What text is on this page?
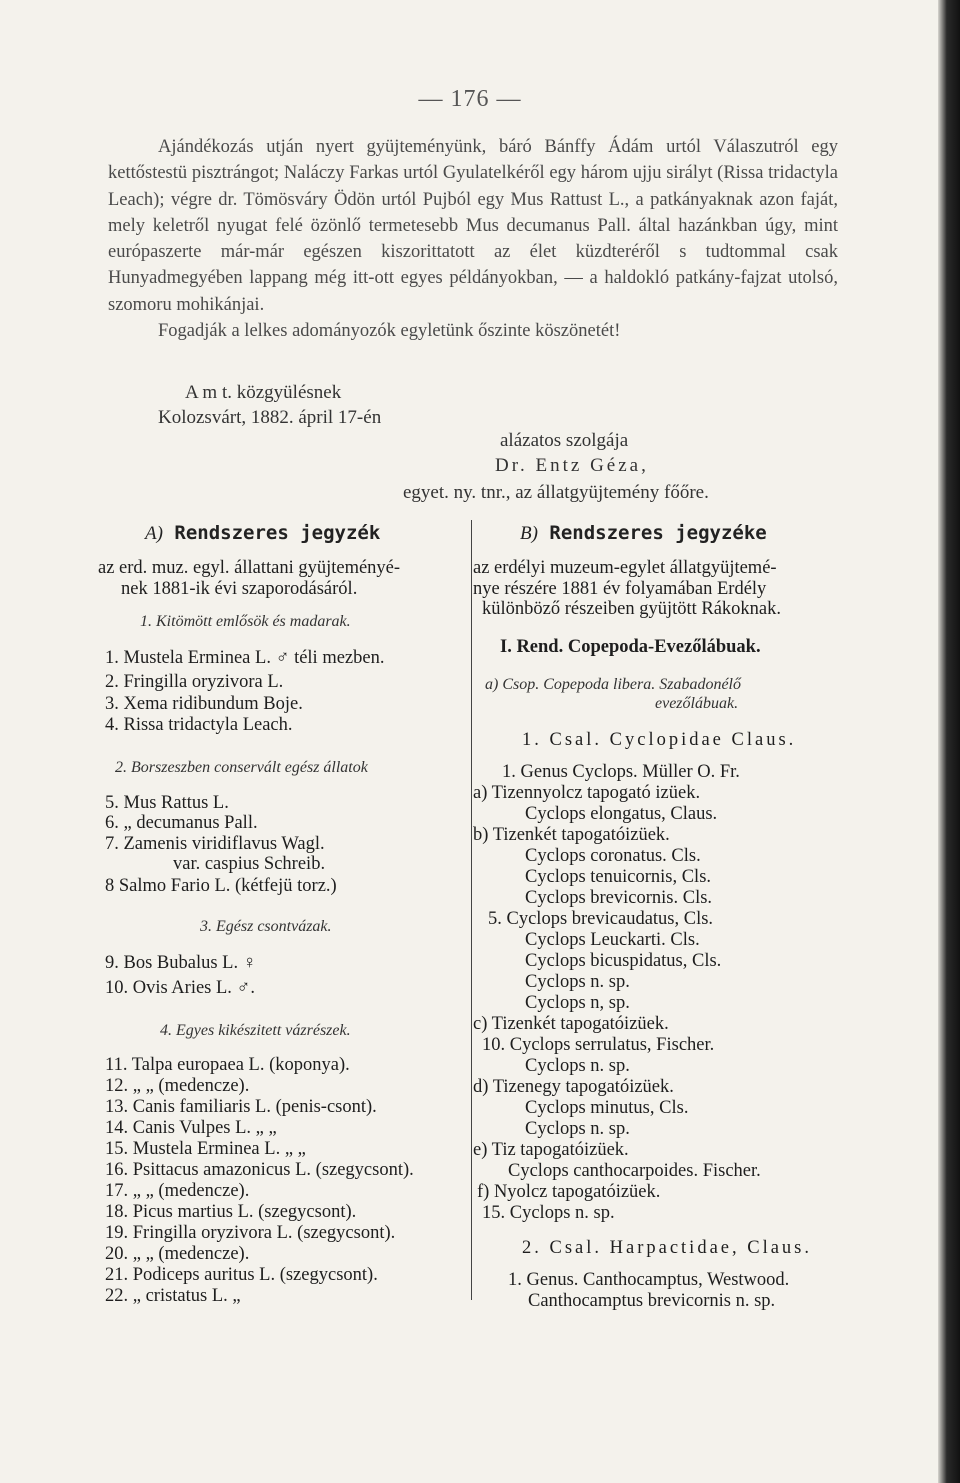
— 176 —

Ajándékozás utján nyert gyüjteményünk, báró Bánffy Ádám urtól Válaszutról egy kettőstestü pisztrángot; Naláczy Farkas urtól Gyulatelkéről egy három ujju sirályt (Rissa tridactyla Leach); végre dr. Tömösváry Ödön urtól Pujból egy Mus Rattust L., a patkányaknak azon faját, mely keletről nyugat felé özönlő termetesebb Mus decumanus Pall. által hazánkban úgy, mint európaszerte már-már egészen kiszorittatott az élet küzdteréről s tudtommal csak Hunyadmegyében lappang még itt-ott egyes példányokban, — a haldokló patkány-fajzat utolsó, szomoru mohikánjai.

Fogadják a lelkes adományozók egyletünk őszinte köszönetét!

A m t. közgyülésnek
Kolozsvárt, 1882. ápril 17-én
alázatos szolgája
Dr. Entz Géza,
egyet. ny. tnr., az állatgyüjtemény főőre.
A) Rendszeres jegyzék	B) Rendszeres jegyzéke
az erd. muz. egyl. állattani gyüjteményé-
nek 1881-ik évi szaporodásáról.
1. Kitömött emlősök és madarak.
1. Mustela Erminea L. ♂ téli mezben.
2. Fringilla oryzivora L.
3. Xema ridibundum Boje.
4. Rissa tridactyla Leach.
2. Borszeszben conservált egész állatok
5. Mus Rattus L.
6. „ decumanus Pall.
7. Zamenis viridiflavus Wagl.
var. caspius Schreib.
8 Salmo Fario L. (kétfejü torz.)
3. Egész csontvázak.
9. Bos Bubalus L. ♀
10. Ovis Aries L. ♂.
4. Egyes kikészitett vázrészek.
11. Talpa europaea L. (koponya).
12. „ „ (medencze).
13. Canis familiaris L. (penis-csont).
14. Canis Vulpes L. „ „
15. Mustela Erminea L. „ „
16. Psittacus amazonicus L. (szegycsont).
17. „ „ (medencze).
18. Picus martius L. (szegycsont).
19. Fringilla oryzivora L. (szegycsont).
20. „ „ (medencze).
21. Podiceps auritus L. (szegycsont).
22. „ cristatus L. „
az erdélyi muzeum-egylet állatgyüjtemé-
nye részére 1881 év folyamában Erdély
különböző részeiben gyüjtött Rákoknak.
I. Rend. Copepoda-Evezőlábuak.
a) Csop. Copepoda libera. Szabadonélő
evezőlábuak.
1. Csal. Cyclopidae Claus.
1. Genus Cyclops. Müller O. Fr.
a) Tizennyolcz tapogató izüek.
Cyclops elongatus, Claus.
b) Tizenkét tapogatóizüek.
Cyclops coronatus. Cls.
Cyclops tenuicornis, Cls.
Cyclops brevicornis. Cls.
5. Cyclops brevicaudatus, Cls.
Cyclops Leuckarti. Cls.
Cyclops bicuspidatus, Cls.
Cyclops n. sp.
Cyclops n, sp.
c) Tizenkét tapogatóizüek.
10. Cyclops serrulatus, Fischer.
Cyclops n. sp.
d) Tizenegy tapogatóizüek.
Cyclops minutus, Cls.
Cyclops n. sp.
e) Tiz tapogatóizüek.
Cyclops canthocarpoides. Fischer.
f) Nyolcz tapogatóizüek.
15. Cyclops n. sp.
2. Csal. Harpactidae, Claus.
1. Genus. Canthocamptus, Westwood.
Canthocamptus brevicornis n. sp.
